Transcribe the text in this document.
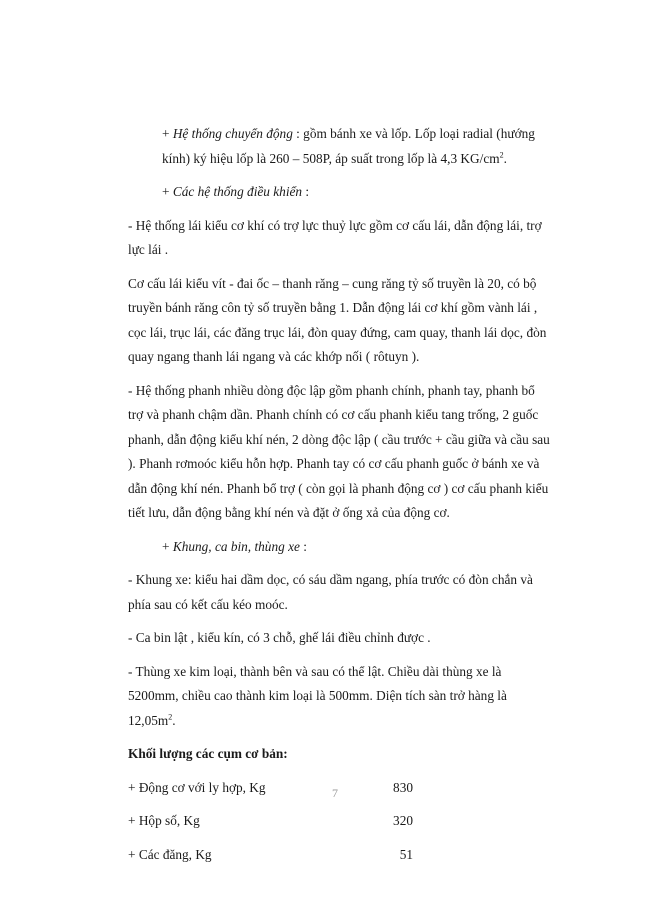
+ Hệ thống chuyển động : gồm bánh xe và lốp. Lốp loại radial (hướng kính) ký hiệu lốp là 260 – 508P, áp suất trong lốp là 4,3 $KG/cm^2$.

+ Các hệ thống điều khiển :

- Hệ thống lái kiểu cơ khí có trợ lực thuỷ lực gồm cơ cấu lái, dẫn động lái, trợ lực lái .

Cơ cấu lái kiểu vít - đai ốc – thanh răng – cung răng tỷ số truyền là 20, có bộ truyền bánh răng côn tỷ số truyền bằng 1. Dẫn động lái cơ khí gồm vành lái , cọc lái, trục lái, các đăng trục lái, đòn quay đứng, cam quay, thanh lái dọc, đòn quay ngang thanh lái ngang và các khớp nối ( rôtuyn ).

- Hệ thống phanh nhiều dòng độc lập gồm phanh chính, phanh tay, phanh bổ trợ và phanh chậm dần. Phanh chính có cơ cấu phanh kiểu tang trống, 2 guốc phanh, dẫn động kiểu khí nén, 2 dòng độc lập ( cầu trước + cầu giữa và cầu sau ). Phanh rơmoóc kiểu hỗn hợp. Phanh tay có cơ cấu phanh guốc ở bánh xe và dẫn động khí nén. Phanh bổ trợ ( còn gọi là phanh động cơ ) cơ cấu phanh kiểu tiết lưu, dẫn động bằng khí nén và đặt ở ống xả của động cơ.

+ Khung, ca bin, thùng xe :

- Khung xe: kiểu hai dầm dọc, có sáu dầm ngang, phía trước có đòn chắn và phía sau có kết cấu kéo moóc.

- Ca bin lật , kiểu kín, có 3 chỗ, ghế lái điều chỉnh được .

- Thùng xe kim loại, thành bên và sau có thể lật. Chiều dài thùng xe là 5200mm, chiều cao thành kim loại là 500mm. Diện tích sàn trở hàng là $12,05m^2$.

Khối lượng các cụm cơ bản:

+ Động cơ với ly hợp, Kg	830
+ Hộp số, Kg	320
+ Các đăng, Kg	51
7
